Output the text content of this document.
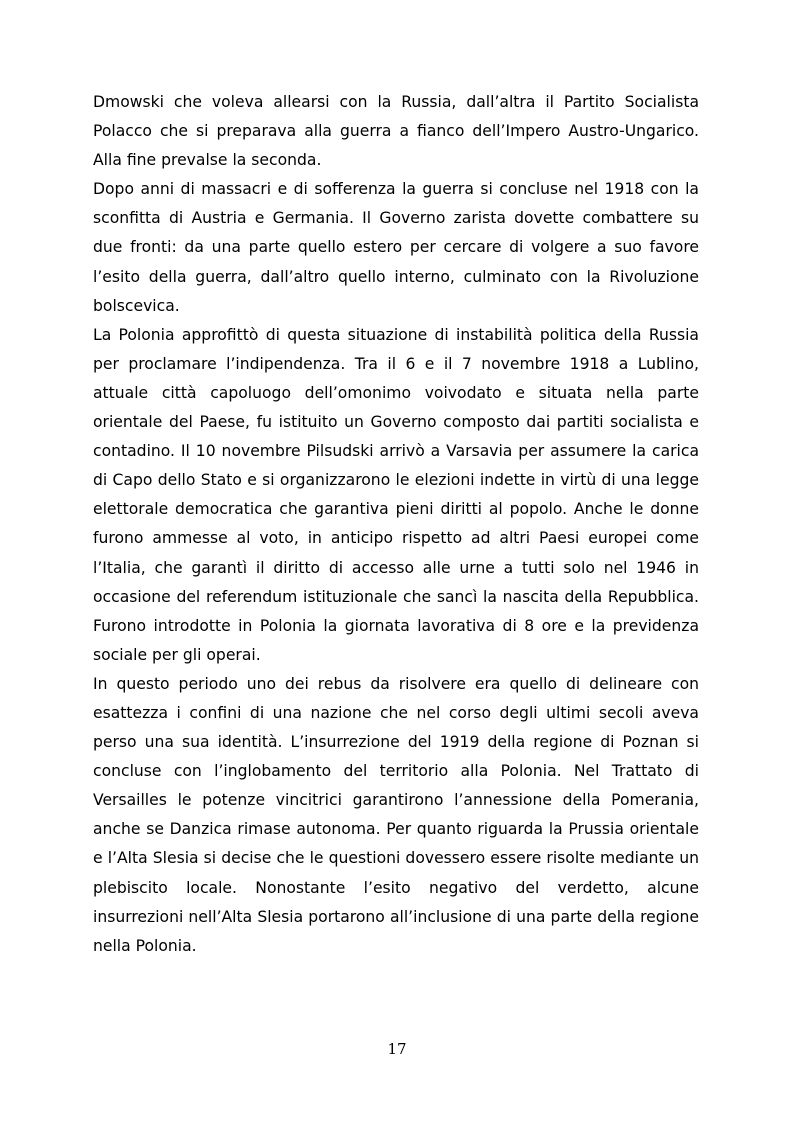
Dmowski che voleva allearsi con la Russia, dall’altra il Partito Socialista Polacco che si preparava alla guerra a fianco dell’Impero Austro-Ungarico. Alla fine prevalse la seconda.

Dopo anni di massacri e di sofferenza la guerra si concluse nel 1918 con la sconfitta di Austria e Germania. Il Governo zarista dovette combattere su due fronti: da una parte quello estero per cercare di volgere a suo favore l’esito della guerra, dall’altro quello interno, culminato con la Rivoluzione bolscevica.

La Polonia approfittò di questa situazione di instabilità politica della Russia per proclamare l’indipendenza. Tra il 6 e il 7 novembre 1918 a Lublino, attuale città capoluogo dell’omonimo voivodato e situata nella parte orientale del Paese, fu istituito un Governo composto dai partiti socialista e contadino. Il 10 novembre Pilsudski arrivò a Varsavia per assumere la carica di Capo dello Stato e si organizzarono le elezioni indette in virtù di una legge elettorale democratica che garantiva pieni diritti al popolo. Anche le donne furono ammesse al voto, in anticipo rispetto ad altri Paesi europei come l’Italia, che garantì il diritto di accesso alle urne a tutti solo nel 1946 in occasione del referendum istituzionale che sancì la nascita della Repubblica. Furono introdotte in Polonia la giornata lavorativa di 8 ore e la previdenza sociale per gli operai.

In questo periodo uno dei rebus da risolvere era quello di delineare con esattezza i confini di una nazione che nel corso degli ultimi secoli aveva perso una sua identità. L’insurrezione del 1919 della regione di Poznan si concluse con l’inglobamento del territorio alla Polonia. Nel Trattato di Versailles le potenze vincitrici garantirono l’annessione della Pomerania, anche se Danzica rimase autonoma. Per quanto riguarda la Prussia orientale e l’Alta Slesia si decise che le questioni dovessero essere risolte mediante un plebiscito locale. Nonostante l’esito negativo del verdetto, alcune insurrezioni nell’Alta Slesia portarono all’inclusione di una parte della regione nella Polonia.

17
